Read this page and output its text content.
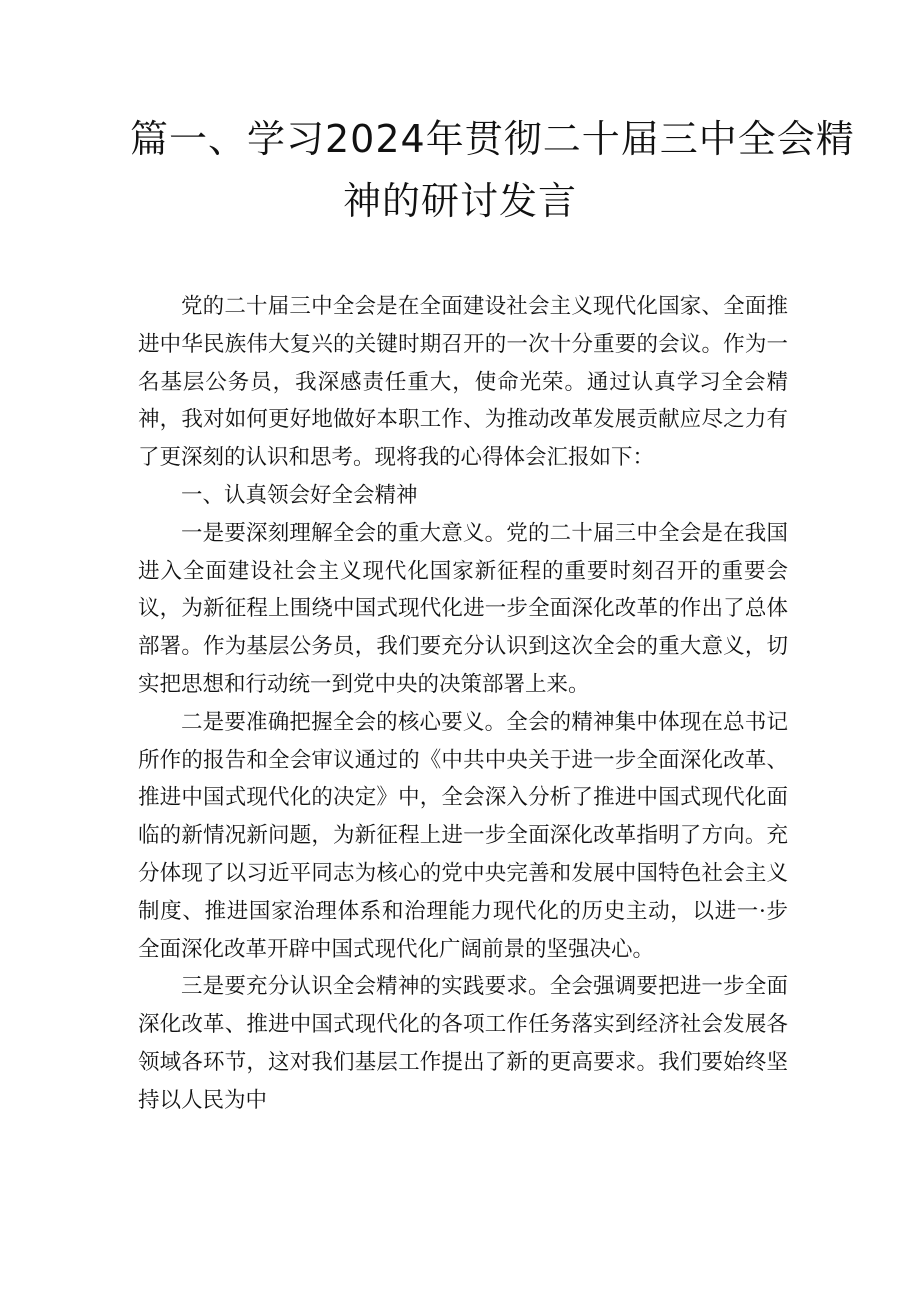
篇一、学习2024年贯彻二十届三中全会精
神的研讨发言

党的二十届三中全会是在全面建设社会主义现代化国家、全面推进中华民族伟大复兴的关键时期召开的一次十分重要的会议。作为一名基层公务员，我深感责任重大，使命光荣。通过认真学习全会精神，我对如何更好地做好本职工作、为推动改革发展贡献应尽之力有了更深刻的认识和思考。现将我的心得体会汇报如下：

一、认真领会好全会精神

一是要深刻理解全会的重大意义。党的二十届三中全会是在我国进入全面建设社会主义现代化国家新征程的重要时刻召开的重要会议，为新征程上围绕中国式现代化进一步全面深化改革的作出了总体部署。作为基层公务员，我们要充分认识到这次全会的重大意义，切实把思想和行动统一到党中央的决策部署上来。

二是要准确把握全会的核心要义。全会的精神集中体现在总书记所作的报告和全会审议通过的《中共中央关于进一步全面深化改革、推进中国式现代化的决定》中，全会深入分析了推进中国式现代化面临的新情况新问题，为新征程上进一步全面深化改革指明了方向。充分体现了以习近平同志为核心的党中央完善和发展中国特色社会主义制度、推进国家治理体系和治理能力现代化的历史主动，以进一·步全面深化改革开辟中国式现代化广阔前景的坚强决心。

三是要充分认识全会精神的实践要求。全会强调要把进一步全面深化改革、推进中国式现代化的各项工作任务落实到经济社会发展各领域各环节，这对我们基层工作提出了新的更高要求。我们要始终坚持以人民为中
